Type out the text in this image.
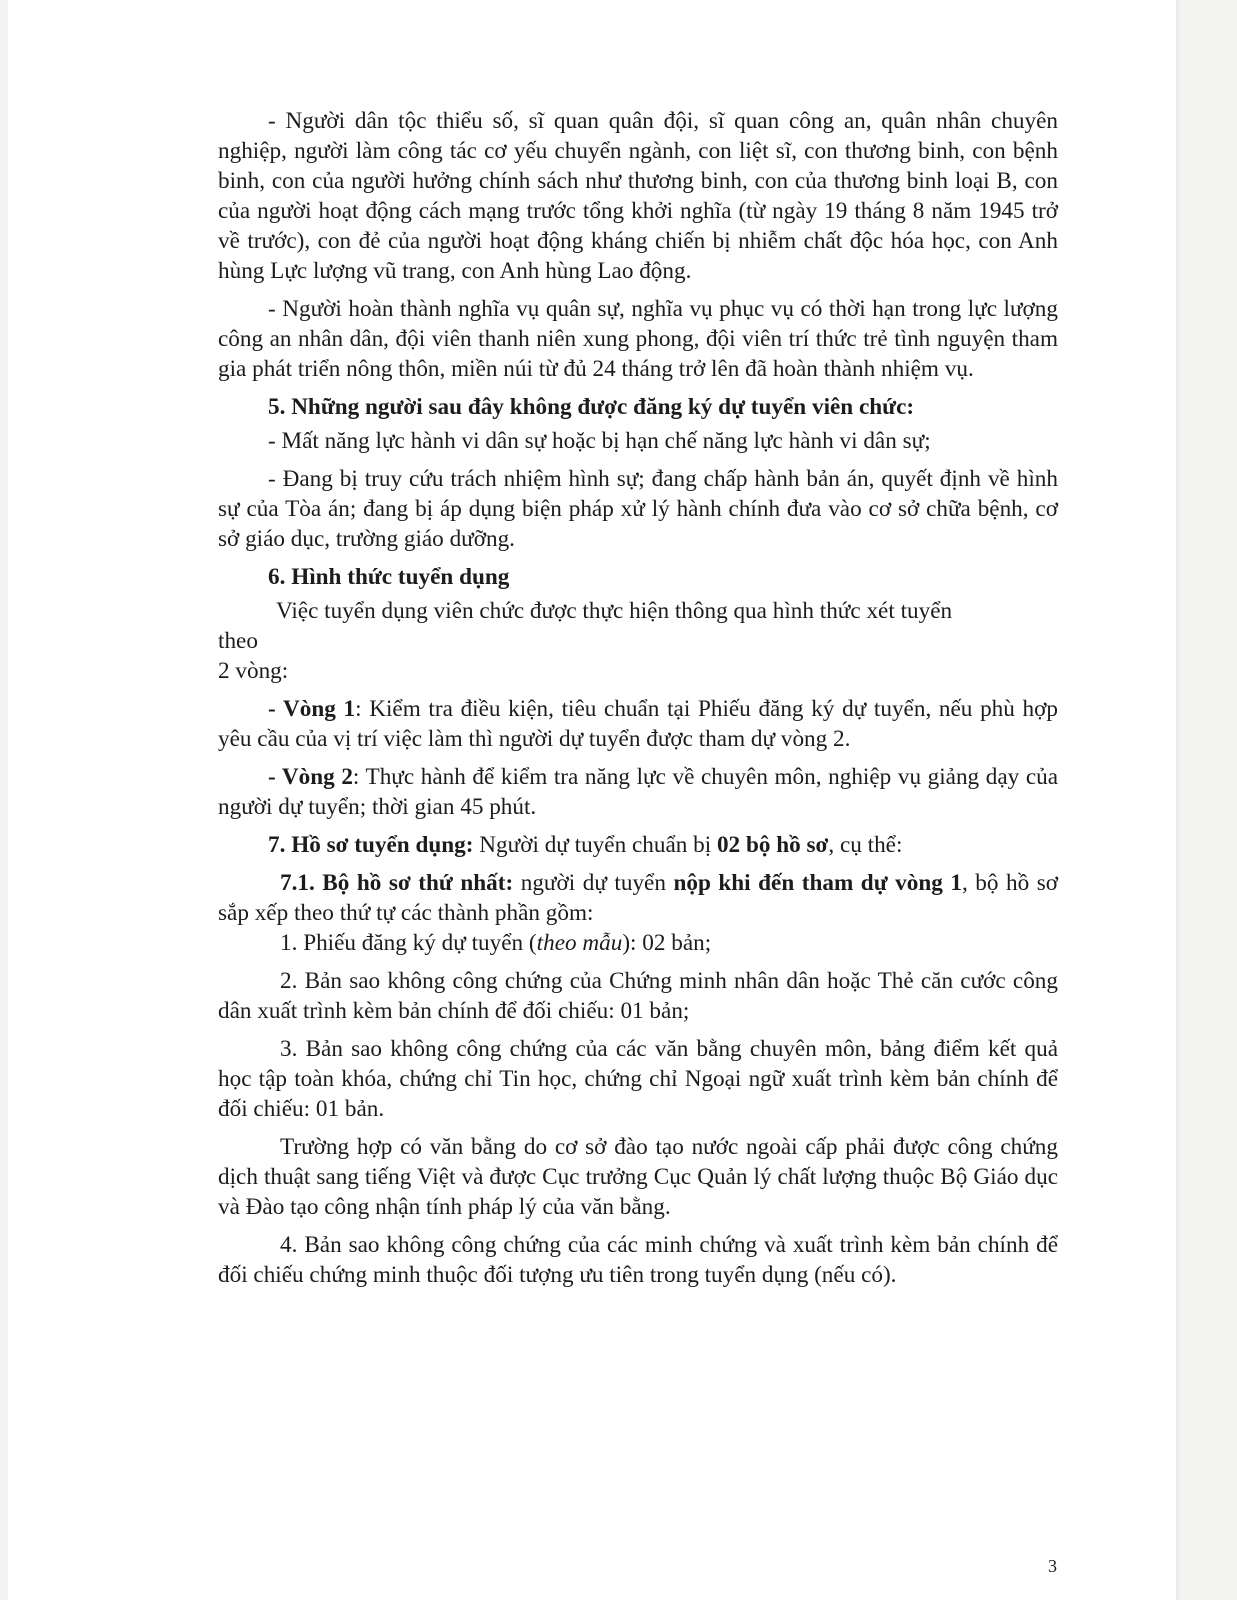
- Người dân tộc thiểu số, sĩ quan quân đội, sĩ quan công an, quân nhân chuyên nghiệp, người làm công tác cơ yếu chuyển ngành, con liệt sĩ, con thương binh, con bệnh binh, con của người hưởng chính sách như thương binh, con của thương binh loại B, con của người hoạt động cách mạng trước tổng khởi nghĩa (từ ngày 19 tháng 8 năm 1945 trở về trước), con đẻ của người hoạt động kháng chiến bị nhiễm chất độc hóa học, con Anh hùng Lực lượng vũ trang, con Anh hùng Lao động.

- Người hoàn thành nghĩa vụ quân sự, nghĩa vụ phục vụ có thời hạn trong lực lượng công an nhân dân, đội viên thanh niên xung phong, đội viên trí thức trẻ tình nguyện tham gia phát triển nông thôn, miền núi từ đủ 24 tháng trở lên đã hoàn thành nhiệm vụ.

5. Những người sau đây không được đăng ký dự tuyển viên chức:

- Mất năng lực hành vi dân sự hoặc bị hạn chế năng lực hành vi dân sự;

- Đang bị truy cứu trách nhiệm hình sự; đang chấp hành bản án, quyết định về hình sự của Tòa án; đang bị áp dụng biện pháp xử lý hành chính đưa vào cơ sở chữa bệnh, cơ sở giáo dục, trường giáo dưỡng.

6. Hình thức tuyển dụng

Việc tuyển dụng viên chức được thực hiện thông qua hình thức xét tuyển

theo

2 vòng:

- Vòng 1: Kiểm tra điều kiện, tiêu chuẩn tại Phiếu đăng ký dự tuyển, nếu phù hợp yêu cầu của vị trí việc làm thì người dự tuyển được tham dự vòng 2.

- Vòng 2: Thực hành để kiểm tra năng lực về chuyên môn, nghiệp vụ giảng dạy của người dự tuyển; thời gian 45 phút.

7. Hồ sơ tuyển dụng: Người dự tuyển chuẩn bị 02 bộ hồ sơ, cụ thể:

7.1. Bộ hồ sơ thứ nhất: người dự tuyển nộp khi đến tham dự vòng 1, bộ hồ sơ sắp xếp theo thứ tự các thành phần gồm:

1. Phiếu đăng ký dự tuyển (theo mẫu): 02 bản;

2. Bản sao không công chứng của Chứng minh nhân dân hoặc Thẻ căn cước công dân xuất trình kèm bản chính để đối chiếu: 01 bản;

3. Bản sao không công chứng của các văn bằng chuyên môn, bảng điểm kết quả học tập toàn khóa, chứng chỉ Tin học, chứng chỉ Ngoại ngữ xuất trình kèm bản chính để đối chiếu: 01 bản.

Trường hợp có văn bằng do cơ sở đào tạo nước ngoài cấp phải được công chứng dịch thuật sang tiếng Việt và được Cục trưởng Cục Quản lý chất lượng thuộc Bộ Giáo dục và Đào tạo công nhận tính pháp lý của văn bằng.

4. Bản sao không công chứng của các minh chứng và xuất trình kèm bản chính để đối chiếu chứng minh thuộc đối tượng ưu tiên trong tuyển dụng (nếu có).

3
